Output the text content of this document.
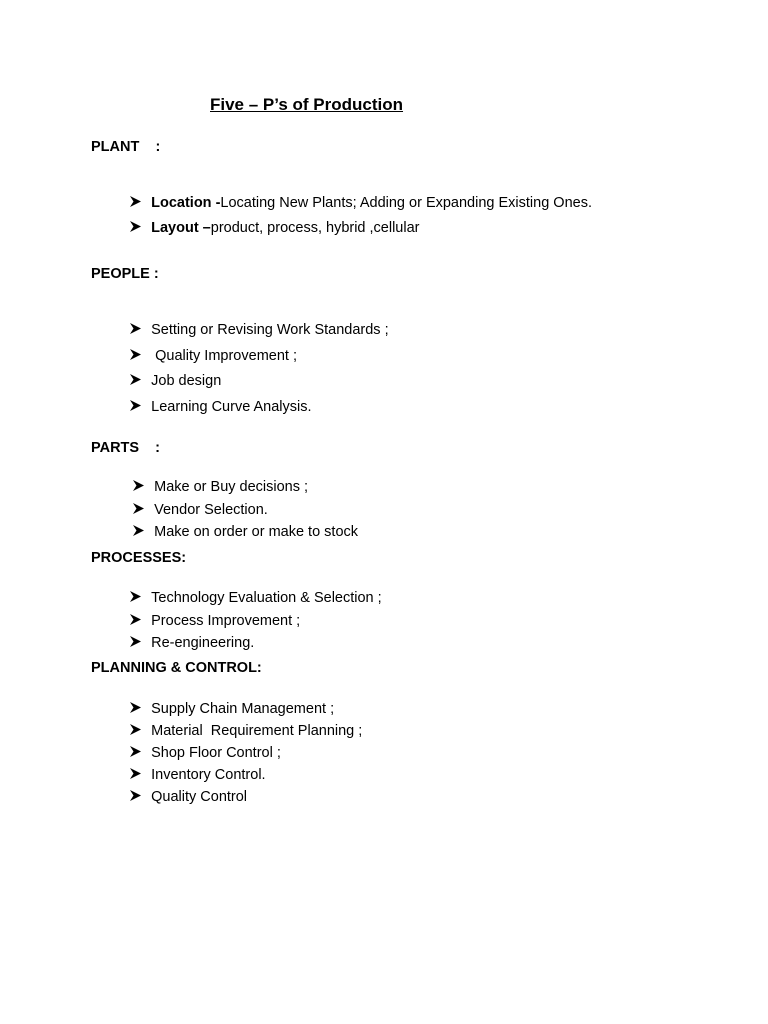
Five – P’s of Production
PLANT    :

Location -Locating New Plants; Adding or Expanding Existing Ones.

Layout –product, process, hybrid ,cellular

PEOPLE :

Setting or Revising Work Standards ;

Quality Improvement ;

Job design

Learning Curve Analysis.

PARTS    :

Make or Buy decisions ;

Vendor Selection.

Make on order or make to stock

PROCESSES:

Technology Evaluation & Selection ;

Process Improvement ;

Re-engineering.

PLANNING & CONTROL:

Supply Chain Management ;

Material  Requirement Planning ;

Shop Floor Control ;

Inventory Control.

Quality Control
